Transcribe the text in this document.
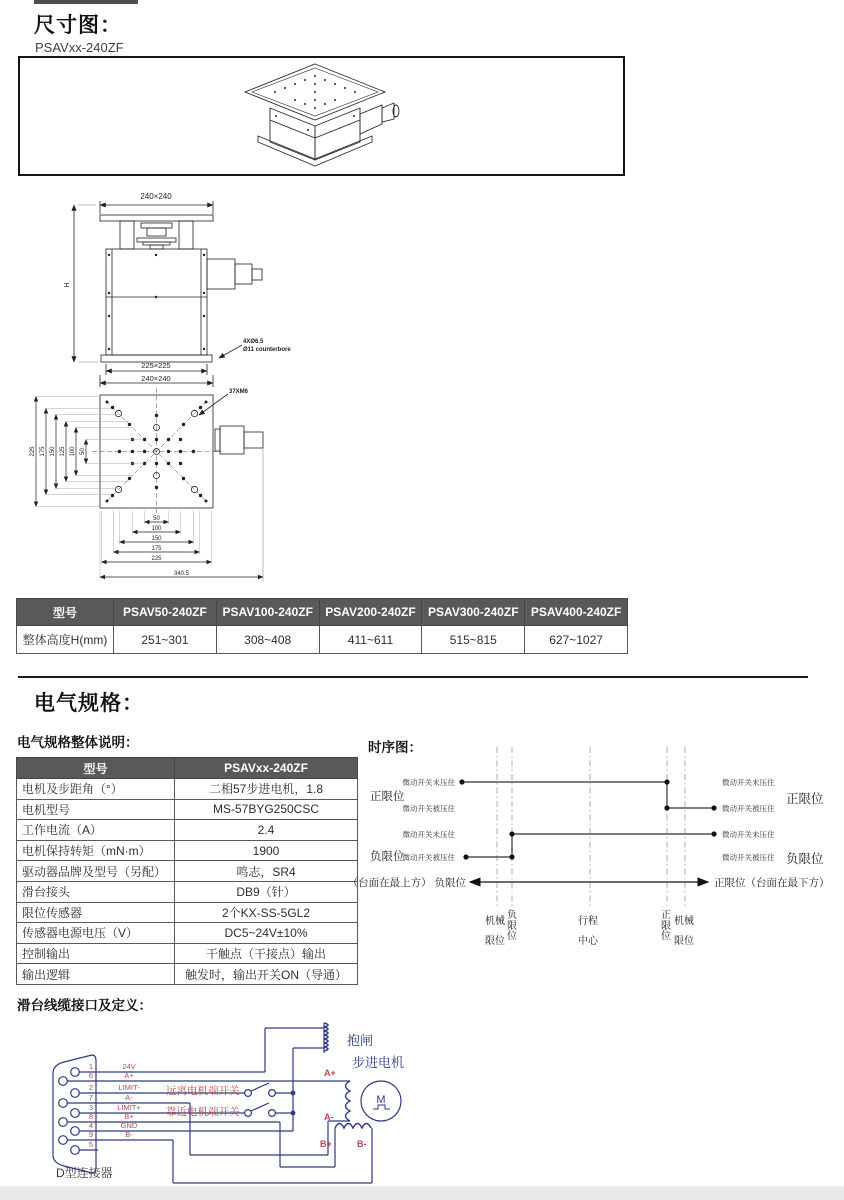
尺寸图：
PSAVxx-240ZF
240×240
H
225×225
240×240
4XØ6.5
Ø11 counterbore
225 175 150 125 100 50
50
100
150
175
225
340.5
37XM6
型号	PSAV50-240ZF	PSAV100-240ZF	PSAV200-240ZF	PSAV300-240ZF	PSAV400-240ZF
整体高度H(mm)	251~301	308~408	411~611	515~815	627~1027
电气规格：
电气规格整体说明：
型号	PSAVxx-240ZF
电机及步距角（°）	二相57步进电机，1.8
电机型号	MS-57BYG250CSC
工作电流（A）	2.4
电机保持转矩（mN·m）	1900
驱动器品牌及型号（另配）	鸣志，SR4
滑台接头	DB9（针）
限位传感器	2个KX-SS-5GL2
传感器电源电压（V）	DC5~24V±10%
控制输出	干触点（干接点）输出
输出逻辑	触发时，输出开关ON（导通）
时序图：
微动开关未压住
微动开关被压住
微动开关未压住
微动开关被压住
微动开关未压住
微动开关被压住
微动开关未压住
微动开关被压住
正限位
负限位
正限位
负限位
（台面在最上方） 负限位	正限位（台面在最下方）
机械限位
负限位
行程中心
正限位
机械限位
滑台线缆接口及定义：
M
1
6
2
7
3
8
4
9
5
24V
A+
LIMIT-
A-
LIMIT+
B+
GND
B-
远离电机端开关
靠近电机端开关
抱闸
步进电机
A+
A-
B+	B-
D型连接器
